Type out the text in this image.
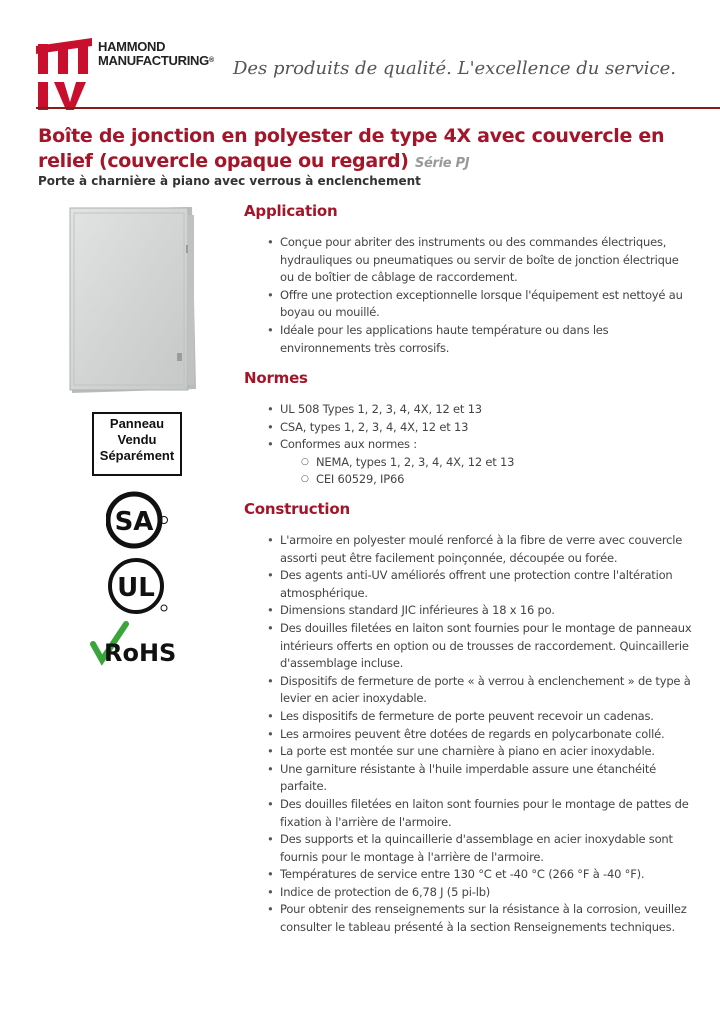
HAMMOND
MANUFACTURING® Des produits de qualité. L'excellence du service.
Boîte de jonction en polyester de type 4X avec couvercle en relief (couvercle opaque ou regard) Série PJ
Porte à charnière à piano avec verrous à enclenchement
Panneau
Vendu
Séparément
SA
UL
RoHS
Application
• Conçue pour abriter des instruments ou des commandes électriques, hydrauliques ou pneumatiques ou servir de boîte de jonction électrique ou de boîtier de câblage de raccordement.
• Offre une protection exceptionnelle lorsque l'équipement est nettoyé au boyau ou mouillé.
• Idéale pour les applications haute température ou dans les environnements très corrosifs.
Normes
• UL 508 Types 1, 2, 3, 4, 4X, 12 et 13
• CSA, types 1, 2, 3, 4, 4X, 12 et 13
• Conformes aux normes :
○ NEMA, types 1, 2, 3, 4, 4X, 12 et 13
○ CEI 60529, IP66
Construction
• L'armoire en polyester moulé renforcé à la fibre de verre avec couvercle assorti peut être facilement poinçonnée, découpée ou forée.
• Des agents anti-UV améliorés offrent une protection contre l'altération atmosphérique.
• Dimensions standard JIC inférieures à 18 x 16 po.
• Des douilles filetées en laiton sont fournies pour le montage de panneaux intérieurs offerts en option ou de trousses de raccordement. Quincaillerie d'assemblage incluse.
• Dispositifs de fermeture de porte « à verrou à enclenchement » de type à levier en acier inoxydable.
• Les dispositifs de fermeture de porte peuvent recevoir un cadenas.
• Les armoires peuvent être dotées de regards en polycarbonate collé.
• La porte est montée sur une charnière à piano en acier inoxydable.
• Une garniture résistante à l'huile imperdable assure une étanchéité parfaite.
• Des douilles filetées en laiton sont fournies pour le montage de pattes de fixation à l'arrière de l'armoire.
• Des supports et la quincaillerie d'assemblage en acier inoxydable sont fournis pour le montage à l'arrière de l'armoire.
• Températures de service entre 130 °C et -40 °C (266 °F à -40 °F).
• Indice de protection de 6,78 J (5 pi-lb)
• Pour obtenir des renseignements sur la résistance à la corrosion, veuillez consulter le tableau présenté à la section Renseignements techniques.
